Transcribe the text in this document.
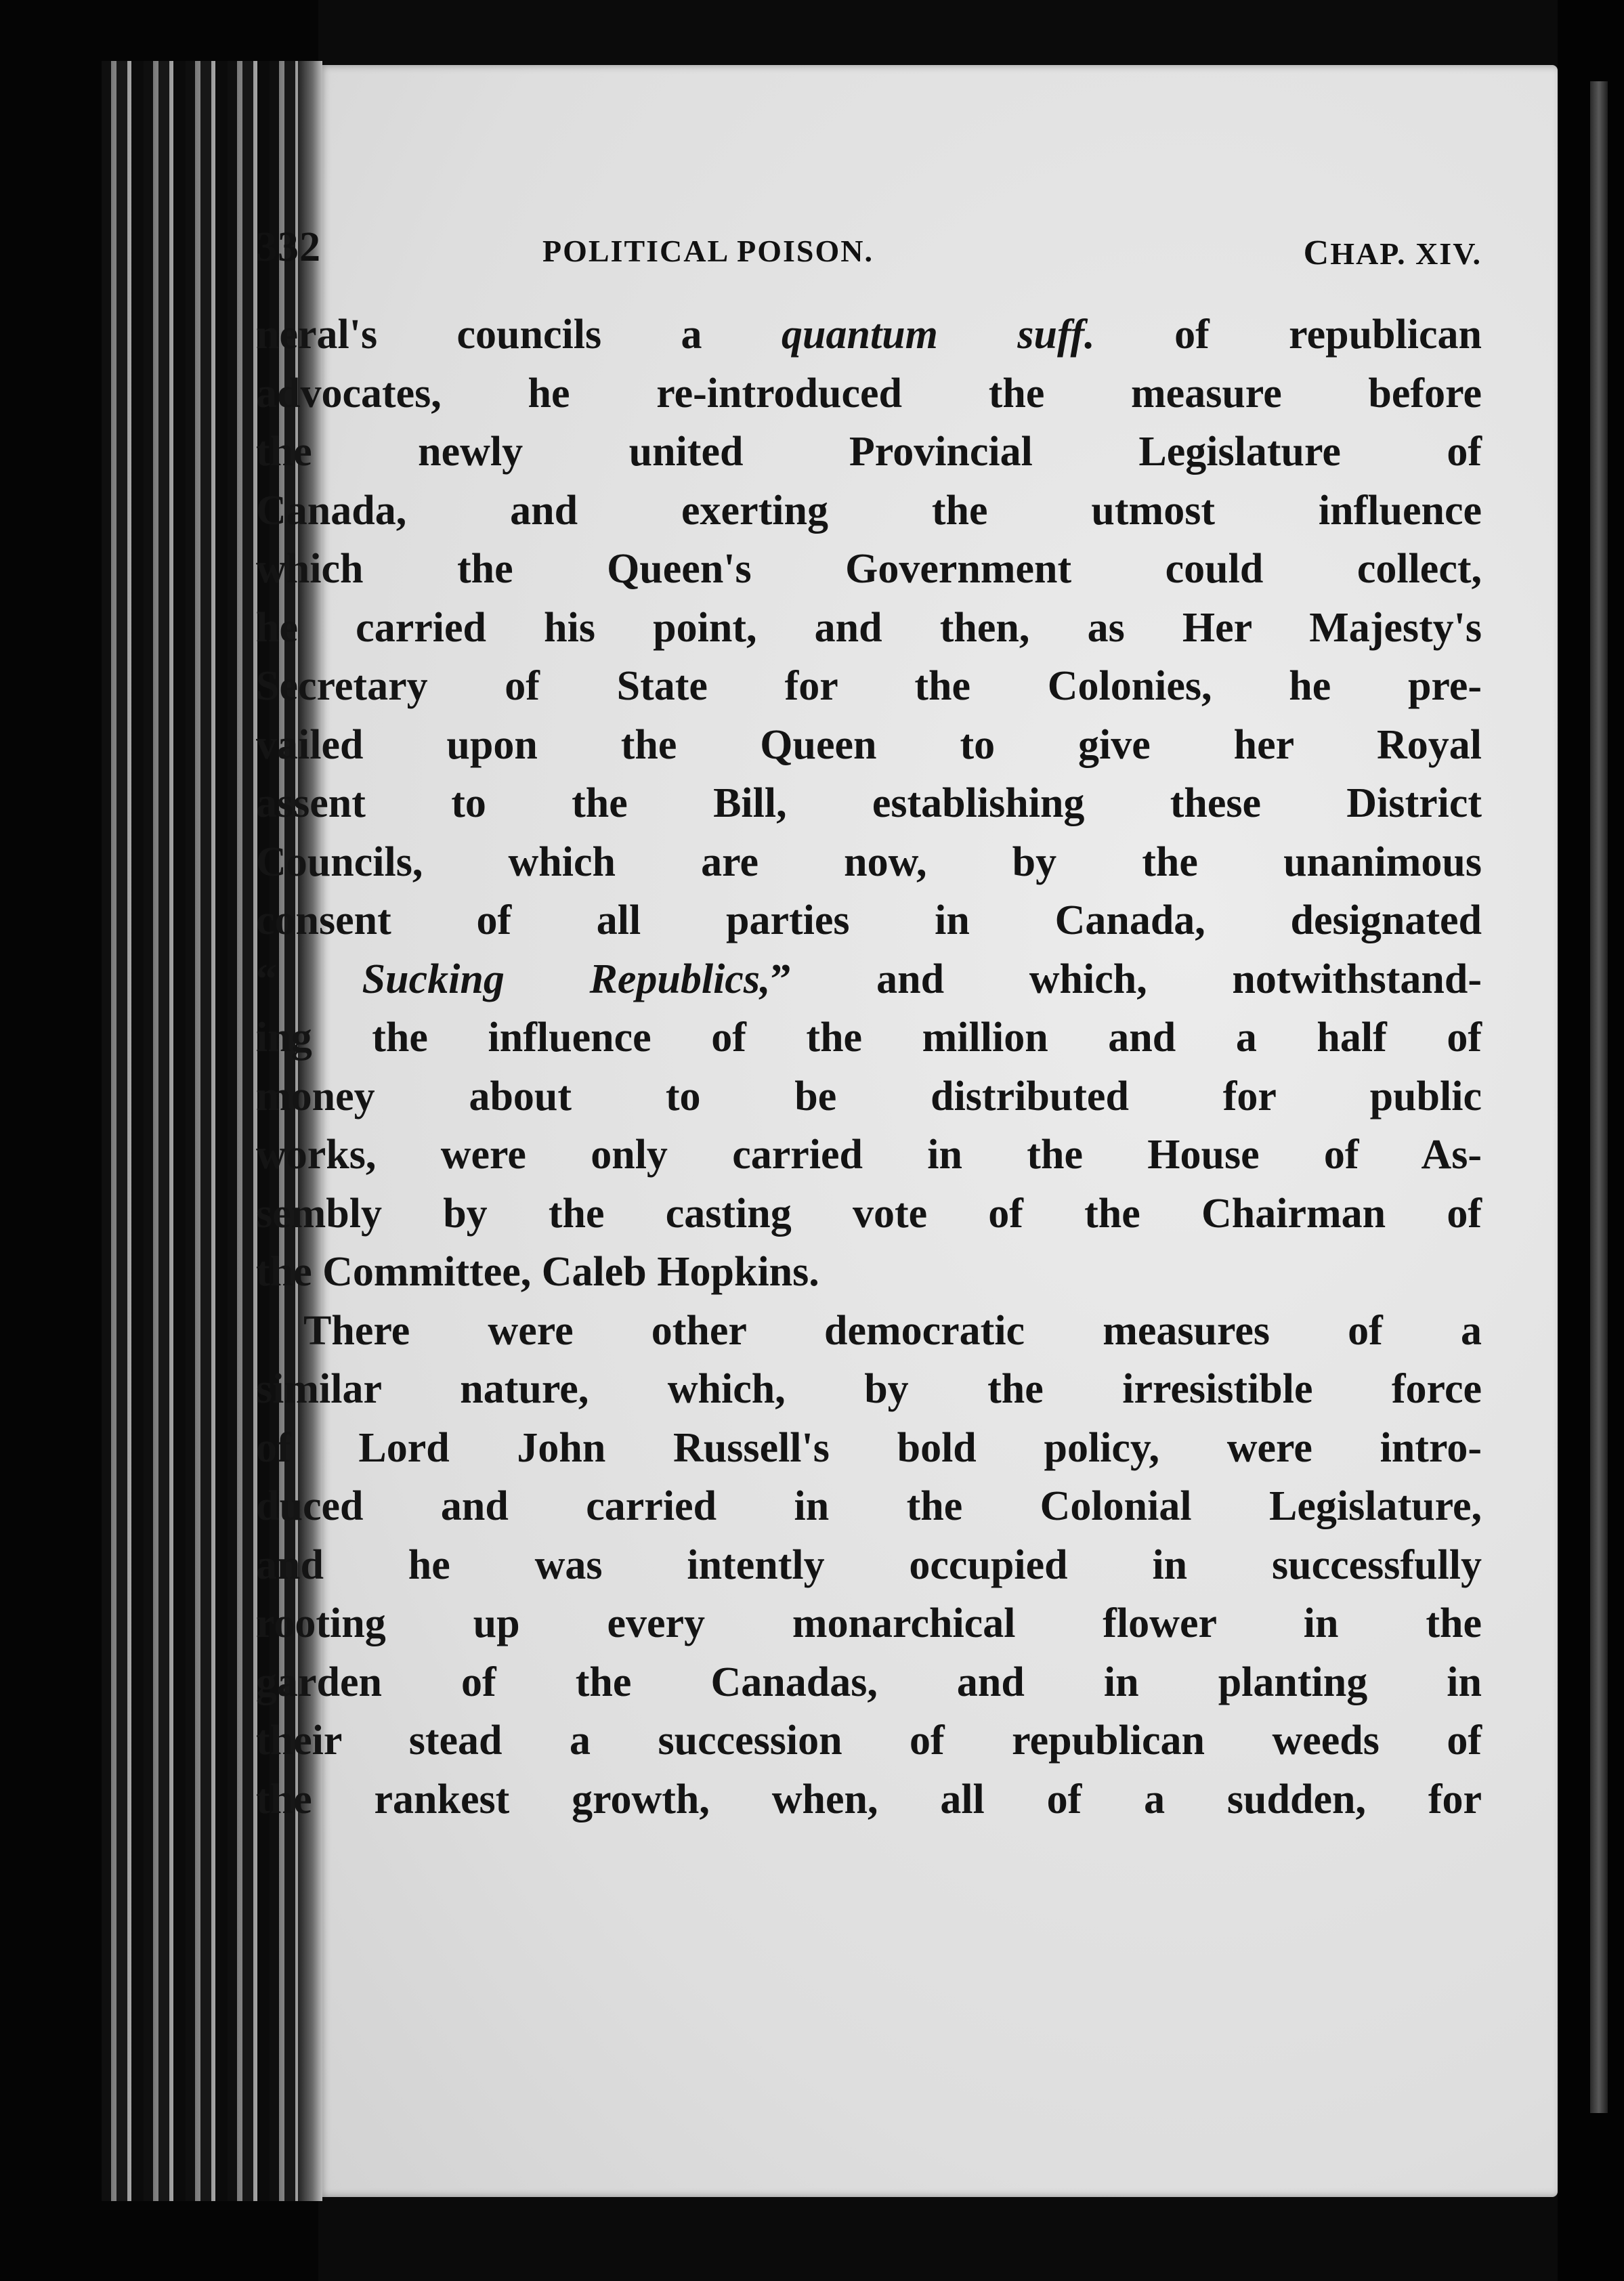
332	POLITICAL POISON.	CHAP. XIV.
neral's councils a quantum suff. of republican
advocates, he re-introduced the measure before
the newly united Provincial Legislature of
Canada, and exerting the utmost influence
which the Queen's Government could collect,
he carried his point, and then, as Her Majesty's
Secretary of State for the Colonies, he pre-
vailed upon the Queen to give her Royal
assent to the Bill, establishing these District
Councils, which are now, by the unanimous
consent of all parties in Canada, designated
“ Sucking Republics,” and which, notwithstand-
ing the influence of the million and a half of
money about to be distributed for public
works, were only carried in the House of As-
sembly by the casting vote of the Chairman of
the Committee, Caleb Hopkins.
There were other democratic measures of a
similar nature, which, by the irresistible force
of Lord John Russell's bold policy, were intro-
duced and carried in the Colonial Legislature,
and he was intently occupied in successfully
rooting up every monarchical flower in the
garden of the Canadas, and in planting in
their stead a succession of republican weeds of
the rankest growth, when, all of a sudden, for
